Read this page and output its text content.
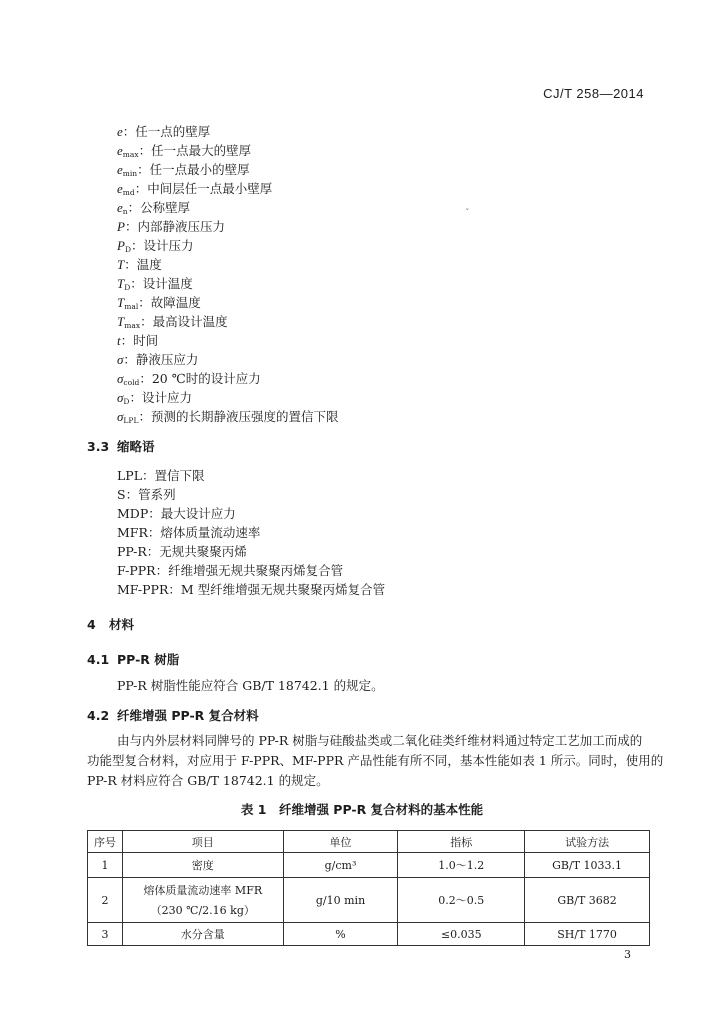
CJ/T 258—2014
ˇ
e：任一点的壁厚
$e_{max}$：任一点最大的壁厚
$e_{min}$：任一点最小的壁厚
$e_{md}$：中间层任一点最小壁厚
$e_n$：公称壁厚
P：内部静液压压力
$P_D$：设计压力
T：温度
$T_D$：设计温度
$T_{mal}$：故障温度
$T_{max}$：最高设计温度
t：时间
σ：静液压应力
$\sigma_{cold}$：20 ℃时的设计应力
$\sigma_D$：设计应力
$\sigma_{LPL}$：预测的长期静液压强度的置信下限
3.3 缩略语
LPL：置信下限
S：管系列
MDP：最大设计应力
MFR：熔体质量流动速率
PP-R：无规共聚聚丙烯
F-PPR：纤维增强无规共聚聚丙烯复合管
MF-PPR：M 型纤维增强无规共聚聚丙烯复合管
4 材料
4.1 PP-R 树脂
PP-R 树脂性能应符合 GB/T 18742.1 的规定。
4.2 纤维增强 PP-R 复合材料
由与内外层材料同牌号的 PP-R 树脂与硅酸盐类或二氧化硅类纤维材料通过特定工艺加工而成的
功能型复合材料，对应用于 F-PPR、MF-PPR 产品性能有所不同，基本性能如表 1 所示。同时，使用的
PP-R 材料应符合 GB/T 18742.1 的规定。
表 1　纤维增强 PP-R 复合材料的基本性能
序号	项目	单位	指标	试验方法
1	密度	g/cm³	1.0～1.2	GB/T 1033.1
2	熔体质量流动速率 MFR
（230 ℃/2.16 kg）	g/10 min	0.2～0.5	GB/T 3682
3	水分含量	%	≤0.035	SH/T 1770
3
